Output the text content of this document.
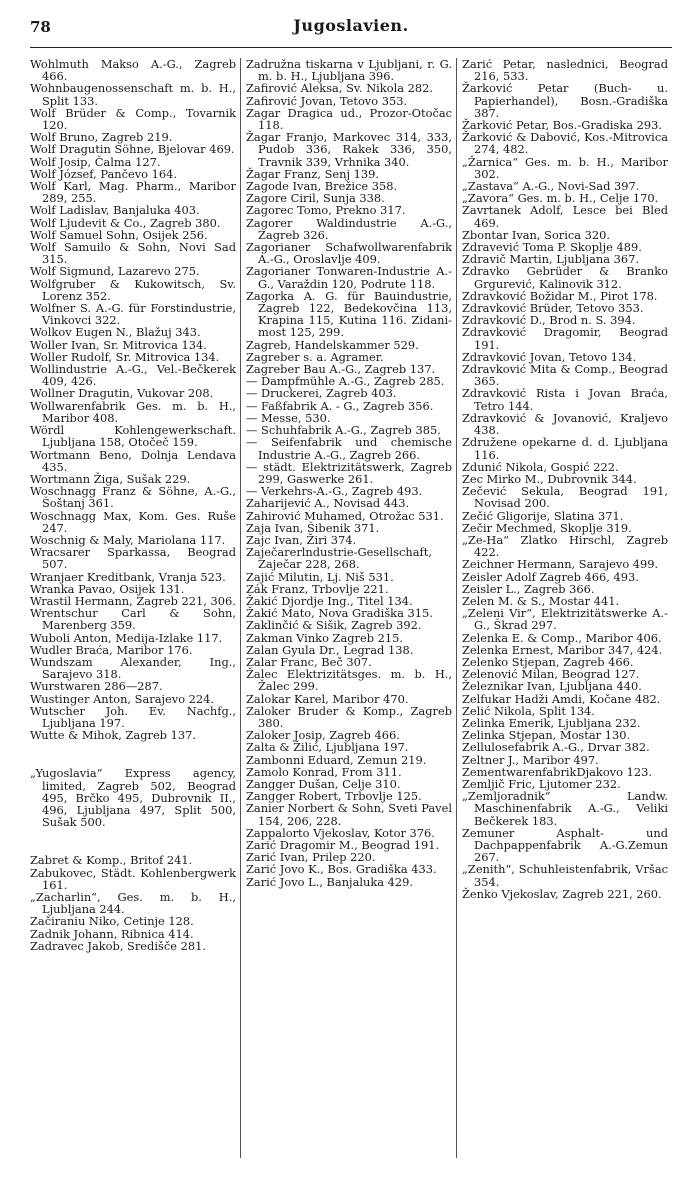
78	Jugoslavien.

Wohlmuth Makso A.-G., Zagreb 466.

Wohnbaugenossenschaft m. b. H., Split 133.

Wolf Brüder & Comp., Tovarnik 120.

Wolf Bruno, Zagreb 219.

Wolf Dragutin Söhne, Bjelovar 469.

Wolf Josip, Čalma 127.

Wolf József, Pančevo 164.

Wolf Karl, Mag. Pharm., Maribor 289, 255.

Wolf Ladislav, Banjaluka 403.

Wolf Ljudevit & Co., Zagreb 380.

Wolf Samuel Sohn, Osijek 256.

Wolf Samuilo & Sohn, Novi Sad 315.

Wolf Sigmund, Lazarevo 275.

Wolfgruber & Kukowitsch, Sv. Lorenz 352.

Wolfner S. A.-G. für Forstindustrie, Vinkovci 322.

Wolkov Eugen N., Blažuj 343.

Woller Ivan, Sr. Mitrovica 134.

Woller Rudolf, Sr. Mitrovica 134.

Wollindustrie A.-G., Vel.-Bečkerek 409, 426.

Wollner Dragutin, Vukovar 208.

Wollwarenfabrik Ges. m. b. H., Maribor 408.

Wördl Kohlengewerkschaft. Ljubljana 158, Otočeč 159.

Wortmann Beno, Dolnja Lendava 435.

Wortmann Žiga, Sušak 229.

Woschnagg Franz & Söhne, A.-G., Šoštanj 361.

Woschnagg Max, Kom. Ges. Ruše 247.

Woschnig & Maly, Mariolana 117.

Wracsarer Sparkassa, Beograd 507.

Wranjaer Kreditbank, Vranja 523.

Wranka Pavao, Osijek 131.

Wrastil Hermann, Zagreb 221, 306.

Wrentschur Carl & Sohn, Marenberg 359.

Wuboli Anton, Medija-Izlake 117.

Wudler Braća, Maribor 176.

Wundszam Alexander, Ing., Sarajevo 318.

Wurstwaren 286—287.

Wustinger Anton, Sarajevo 224.

Wutscher Joh. Ev. Nachfg., Ljubljana 197.

Wutte & Mihok, Zagreb 137.

„Yugoslavia“ Express agency, limited, Zagreb 502, Beograd 495, Brčko 495, Dubrovnik II., 496, Ljubljana 497, Split 500, Sušak 500.

Zabret & Komp., Britof 241.

Zabukovec, Städt. Kohlenbergwerk 161.

„Zacharlin“, Ges. m. b. H., Ljubljana 244.

Začiraniu Niko, Cetinje 128.

Zadnik Johann, Ribnica 414.

Zadravec Jakob, Središče 281.

Zadružna tiskarna v Ljubljani, r. G. m. b. H., Ljubljana 396.

Zafirović Aleksa, Sv. Nikola 282.

Zafirović Jovan, Tetovo 353.

Zagar Dragica ud., Prozor-Otočac 118.

Žagar Franjo, Markovec 314, 333, Pudob 336, Rakek 336, 350, Travnik 339, Vrhnika 340.

Žagar Franz, Senj 139.

Zagode Ivan, Brežice 358.

Zagore Ciril, Sunja 338.

Zagorec Tomo, Prekno 317.

Zagorer Waldindustrie A.-G., Zagreb 326.

Zagorianer Schafwollwarenfabrik A.-G., Oroslavlje 409.

Zagorianer Tonwaren-Industrie A.-G., Varaždin 120, Podrute 118.

Zagorka A. G. für Bauindustrie, Zagreb 122, Bedekovčina 113, Krapina 115, Kutina 116. Zidani-most 125, 299.

Zagreb, Handelskammer 529.

Zagreber s. a. Agramer.

Zagreber Bau A.-G., Zagreb 137.

— Dampfmühle A.-G., Zagreb 285.

— Druckerei, Zagreb 403.

— Faßfabrik A. - G., Zagreb 356.

— Messe, 530.

— Schuhfabrik A.-G., Zagreb 385.

— Seifenfabrik und chemische Industrie A.-G., Zagreb 266.

— städt. Elektrizitätswerk, Zagreb 299, Gaswerke 261.

— Verkehrs-A.-G., Zagreb 493.

Zaharijević A., Novisad 443.

Zahirović Muhamed, Otrožac 531.

Zaja Ivan, Šibenik 371.

Zajc Ivan, Žiri 374.

Zaječarerlndustrie-Gesellschaft, Zaječar 228, 268.

Zajić Milutin, Lj. Niš 531.

Zák Franz, Trbovlje 221.

Žakić Djordje Ing., Titel 134.

Žakić Mato, Nova Gradiška 315.

Zaklinčić & Sišik, Zagreb 392.

Zakman Vinko Zagreb 215.

Zalan Gyula Dr., Legrad 138.

Zalar Franc, Beč 307.

Žalec Elektrizitätsges. m. b. H., Žalec 299.

Zalokar Karel, Maribor 470.

Zaloker Bruder & Komp., Zagreb 380.

Zaloker Josip, Zagreb 466.

Zalta & Žilić, Ljubljana 197.

Zambonni Eduard, Zemun 219.

Zamolo Konrad, From 311.

Zangger Dušan, Celje 310.

Zangger Robert, Trbovlje 125.

Zanier Norbert & Sohn, Sveti Pavel 154, 206, 228.

Zappalorto Vjekoslav, Kotor 376.

Zarić Dragomir M., Beograd 191.

Zarić Ivan, Prilep 220.

Zarić Jovo K., Bos. Gradiška 433.

Zarić Jovo L., Banjaluka 429.

Zarić Petar, naslednici, Beograd 216, 533.

Žarković Petar (Buch- u. Papierhandel), Bosn.-Gradiška 387.

Žarković Petar, Bos.-Gradiska 293.

Žarković & Dabović, Kos.-Mitrovica 274, 482.

„Žarnica“ Ges. m. b. H., Maribor 302.

„Zastava“ A.-G., Novi-Sad 397.

„Zavora“ Ges. m. b. H., Celje 170.

Zavrtanek Adolf, Lesce bei Bled 469.

Zbontar Ivan, Sorica 320.

Zdravević Toma P. Skoplje 489.

Zdravič Martin, Ljubljana 367.

Zdravko Gebrüder & Branko Grgurević, Kalinovik 312.

Zdravković Božidar M., Pirot 178.

Zdravković Brüder, Tetovo 353.

Zdravković D., Brod n. S. 394.

Zdravković Dragomir, Beograd 191.

Zdravković Jovan, Tetovo 134.

Zdravković Mita & Comp., Beograd 365.

Zdravković Rista i Jovan Braća, Tetro 144.

Zdravković & Jovanović, Kraljevo 438.

Združene opekarne d. d. Ljubljana 116.

Zdunić Nikola, Gospić 222.

Zec Mirko M., Dubrovnik 344.

Zečević Sekula, Beograd 191, Novisad 200.

Zečić Gligorije, Slatina 371.

Zečir Mechmed, Skoplje 319.

„Ze-Ha“ Zlatko Hirschl, Zagreb 422.

Zeichner Hermann, Sarajevo 499.

Zeisler Adolf Zagreb 466, 493.

Zeisler L., Zagreb 366.

Zelen M. & S., Mostar 441.

„Zeleni Vir“, Elektrizitätswerke A.-G., Škrad 297.

Zelenka E. & Comp., Maribor 406.

Zelenka Ernest, Maribor 347, 424.

Zelenko Stjepan, Zagreb 466.

Zelenović Milan, Beograd 127.

Železnikar Ivan, Ljubljana 440.

Zelfukar Hadži Amdi, Kočane 482.

Zelić Nikola, Split 134.

Zelinka Emerik, Ljubljana 232.

Zelinka Stjepan, Mostar 130.

Zellulosefabrik A.-G., Drvar 382.

Zeltner J., Maribor 497.

ZementwarenfabrikDjakovo 123.

Zemljič Fric, Ljutomer 232.

„Zemljoradnik“ Landw. Maschinenfabrik A.-G., Veliki Bečkerek 183.

Zemuner Asphalt- und Dachpappenfabrik A.-G.Zemun 267.

„Zenith“, Schuhleistenfabrik, Vršac 354.

Ženko Vjekoslav, Zagreb 221, 260.
